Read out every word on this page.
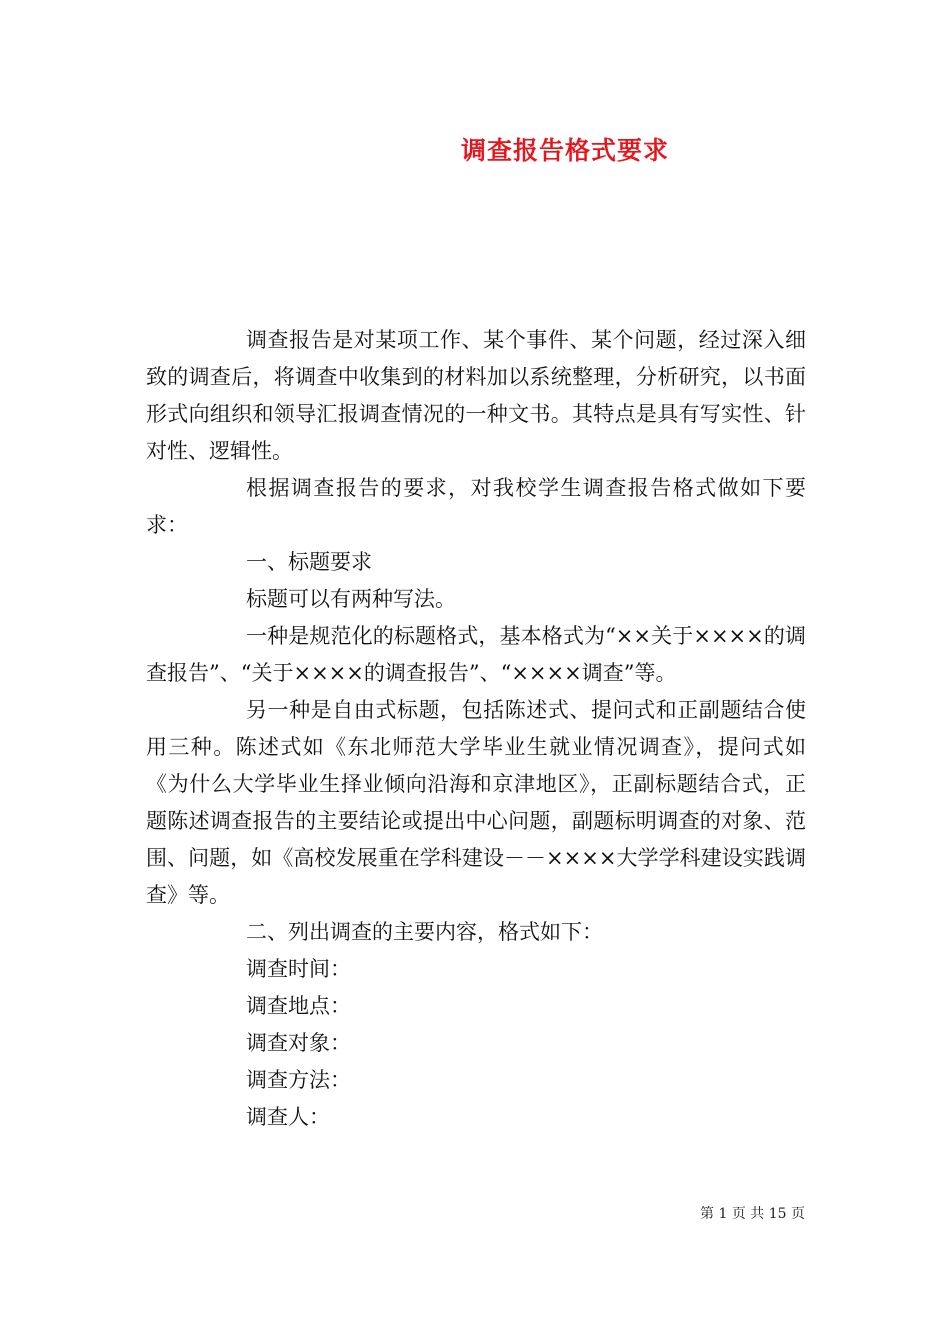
调查报告格式要求

调查报告是对某项工作、某个事件、某个问题，经过深入细致的调查后，将调查中收集到的材料加以系统整理，分析研究，以书面形式向组织和领导汇报调查情况的一种文书。其特点是具有写实性、针对性、逻辑性。

根据调查报告的要求，对我校学生调查报告格式做如下要求：

一、标题要求

标题可以有两种写法。

一种是规范化的标题格式，基本格式为“××关于××××的调查报告”、“关于××××的调查报告”、“××××调查”等。

另一种是自由式标题，包括陈述式、提问式和正副题结合使用三种。陈述式如《东北师范大学毕业生就业情况调查》，提问式如《为什么大学毕业生择业倾向沿海和京津地区》，正副标题结合式，正题陈述调查报告的主要结论或提出中心问题，副题标明调查的对象、范围、问题，如《高校发展重在学科建设－－××××大学学科建设实践调查》等。

二、列出调查的主要内容，格式如下：

调查时间：

调查地点：

调查对象：

调查方法：

调查人：

第 1 页 共 15 页
